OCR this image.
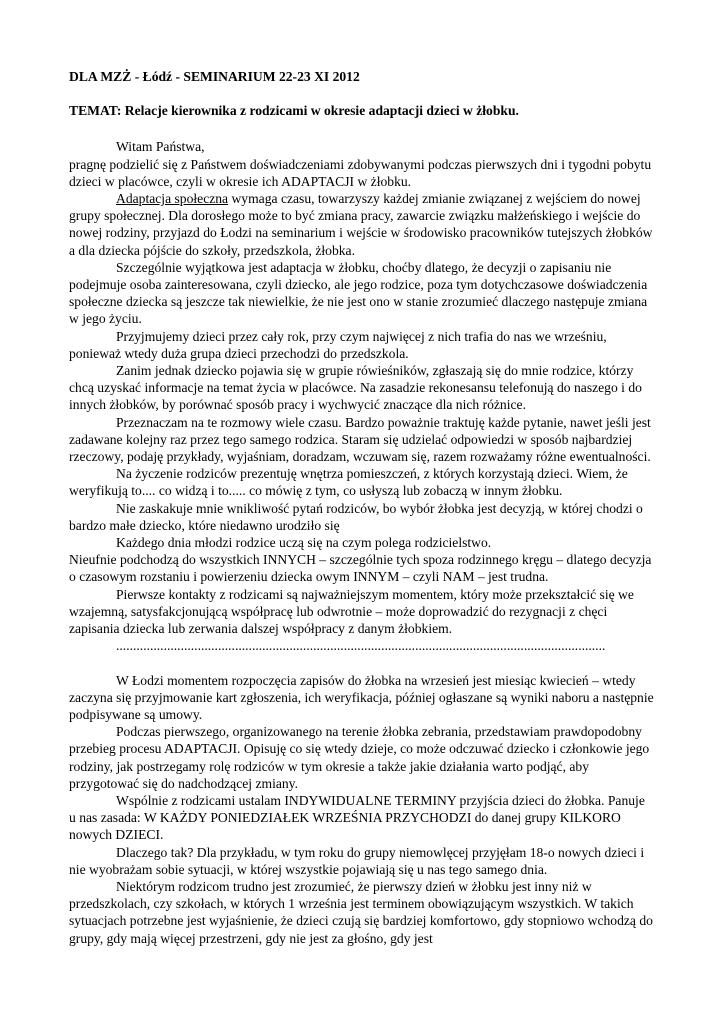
DLA MZŻ - Łódź - SEMINARIUM 22-23 XI 2012

TEMAT: Relacje kierownika z rodzicami w okresie adaptacji dzieci w żłobku.

Witam Państwa,

pragnę podzielić się z Państwem doświadczeniami zdobywanymi podczas pierwszych dni i tygodni pobytu dzieci w placówce, czyli w okresie ich ADAPTACJI w żłobku.

Adaptacja społeczna wymaga czasu, towarzyszy każdej zmianie związanej z wejściem do nowej grupy społecznej. Dla dorosłego może to być zmiana pracy, zawarcie związku małżeńskiego i wejście do nowej rodziny, przyjazd do Łodzi na seminarium i wejście w środowisko pracowników tutejszych żłobków a dla dziecka pójście do szkoły, przedszkola, żłobka.

Szczególnie wyjątkowa jest adaptacja w żłobku, choćby dlatego, że decyzji o zapisaniu nie podejmuje osoba zainteresowana, czyli dziecko, ale jego rodzice, poza tym dotychczasowe doświadczenia społeczne dziecka są jeszcze tak niewielkie, że nie jest ono w stanie zrozumieć dlaczego następuje zmiana w jego życiu.

Przyjmujemy dzieci przez cały rok, przy czym najwięcej z nich trafia do nas we wrześniu, ponieważ wtedy duża grupa dzieci przechodzi do przedszkola.

Zanim jednak dziecko pojawia się w grupie rówieśników, zgłaszają się do mnie rodzice, którzy chcą uzyskać informacje na temat życia w placówce. Na zasadzie rekonesansu telefonują do naszego i do innych żłobków, by porównać sposób pracy i wychwycić znaczące dla nich różnice.

Przeznaczam na te rozmowy wiele czasu. Bardzo poważnie traktuję każde pytanie, nawet jeśli jest zadawane kolejny raz przez tego samego rodzica. Staram się udzielać odpowiedzi w sposób najbardziej rzeczowy, podaję przykłady, wyjaśniam, doradzam, wczuwam się, razem rozważamy różne ewentualności.

Na życzenie rodziców prezentuję wnętrza pomieszczeń, z których korzystają dzieci. Wiem, że weryfikują to.... co widzą i to..... co mówię z tym, co usłyszą lub zobaczą w innym żłobku.

Nie zaskakuje mnie wnikliwość pytań rodziców, bo wybór żłobka jest decyzją, w której chodzi o bardzo małe dziecko, które niedawno urodziło się

Każdego dnia młodzi rodzice uczą się na czym polega rodzicielstwo.

Nieufnie podchodzą do wszystkich INNYCH – szczególnie tych spoza rodzinnego kręgu – dlatego decyzja o czasowym rozstaniu i powierzeniu dziecka owym INNYM – czyli NAM – jest trudna.

Pierwsze kontakty z rodzicami są najważniejszym momentem, który może przekształcić się we wzajemną, satysfakcjonującą współpracę lub odwrotnie – może doprowadzić do rezygnacji z chęci zapisania dziecka lub zerwania dalszej współpracy z danym żłobkiem.

................................................................................................................................................

W Łodzi momentem rozpoczęcia zapisów do żłobka na wrzesień jest miesiąc kwiecień – wtedy zaczyna się przyjmowanie kart zgłoszenia, ich weryfikacja, później ogłaszane są wyniki naboru a następnie podpisywane są umowy.

Podczas pierwszego, organizowanego na terenie żłobka zebrania, przedstawiam prawdopodobny przebieg procesu ADAPTACJI. Opisuję co się wtedy dzieje, co może odczuwać dziecko i członkowie jego rodziny, jak postrzegamy rolę rodziców w tym okresie a także jakie działania warto podjąć, aby przygotować się do nadchodzącej zmiany.

Wspólnie z rodzicami ustalam INDYWIDUALNE TERMINY przyjścia dzieci do żłobka. Panuje u nas zasada: W KAŻDY PONIEDZIAŁEK WRZEŚNIA PRZYCHODZI do danej grupy KILKORO nowych DZIECI.

Dlaczego tak? Dla przykładu, w tym roku do grupy niemowlęcej przyjęłam 18-o nowych dzieci i nie wyobrażam sobie sytuacji, w której wszystkie pojawiają się u nas tego samego dnia.

Niektórym rodzicom trudno jest zrozumieć, że pierwszy dzień w żłobku jest inny niż w przedszkolach, czy szkołach, w których 1 września jest terminem obowiązującym wszystkich. W takich sytuacjach potrzebne jest wyjaśnienie, że dzieci czują się bardziej komfortowo, gdy stopniowo wchodzą do grupy, gdy mają więcej przestrzeni, gdy nie jest za głośno, gdy jest
